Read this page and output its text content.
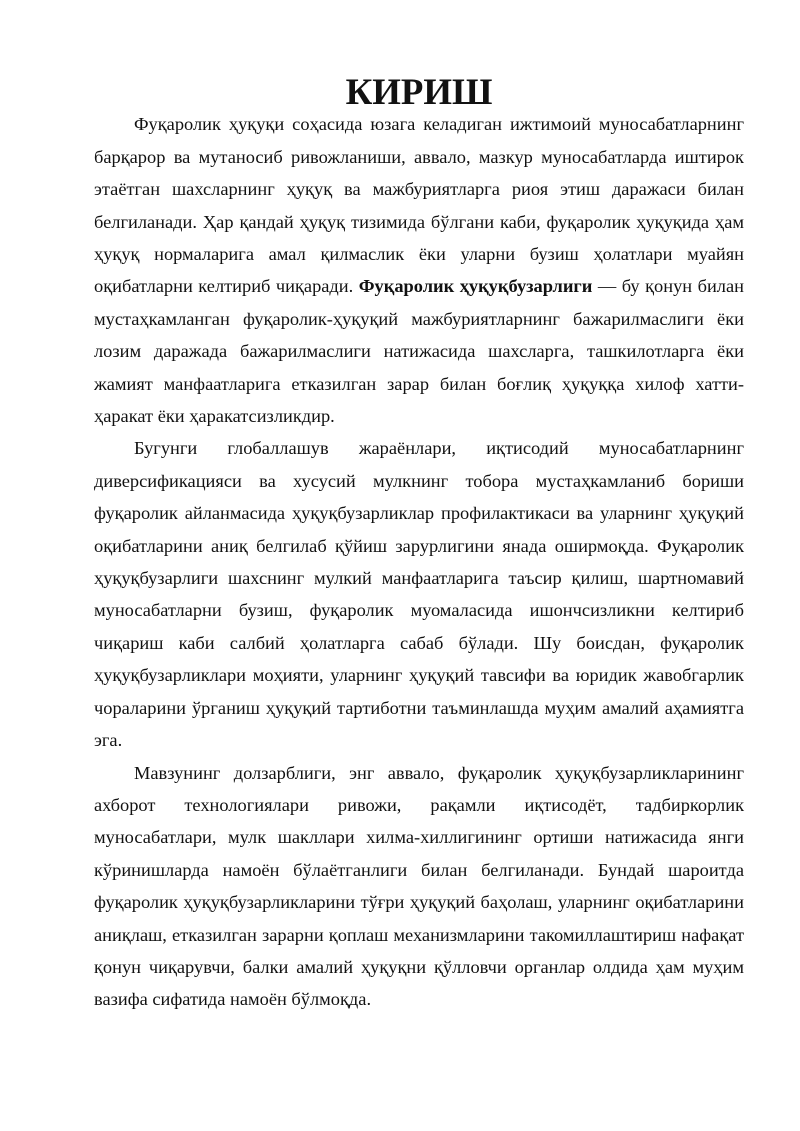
КИРИШ

Фуқаролик ҳуқуқи соҳасида юзага келадиган ижтимоий муносабатларнинг барқарор ва мутаносиб ривожланиши, аввало, мазкур муносабатларда иштирок этаётган шахсларнинг ҳуқуқ ва мажбуриятларга риоя этиш даражаси билан белгиланади. Ҳар қандай ҳуқуқ тизимида бўлгани каби, фуқаролик ҳуқуқида ҳам ҳуқуқ нормаларига амал қилмаслик ёки уларни бузиш ҳолатлари муайян оқибатларни келтириб чиқаради. Фуқаролик ҳуқуқбузарлиги — бу қонун билан мустаҳкамланган фуқаролик-ҳуқуқий мажбуриятларнинг бажарилмаслиги ёки лозим даражада бажарилмаслиги натижасида шахсларга, ташкилотларга ёки жамият манфаатларига етказилган зарар билан боғлиқ ҳуқуққа хилоф хатти-ҳаракат ёки ҳаракатсизликдир.

Бугунги глобаллашув жараёнлари, иқтисодий муносабатларнинг диверсификацияси ва хусусий мулкнинг тобора мустаҳкамланиб бориши фуқаролик айланмасида ҳуқуқбузарликлар профилактикаси ва уларнинг ҳуқуқий оқибатларини аниқ белгилаб қўйиш зарурлигини янада оширмоқда. Фуқаролик ҳуқуқбузарлиги шахснинг мулкий манфаатларига таъсир қилиш, шартномавий муносабатларни бузиш, фуқаролик муомаласида ишончсизликни келтириб чиқариш каби салбий ҳолатларга сабаб бўлади. Шу боисдан, фуқаролик ҳуқуқбузарликлари моҳияти, уларнинг ҳуқуқий тавсифи ва юридик жавобгарлик чораларини ўрганиш ҳуқуқий тартиботни таъминлашда муҳим амалий аҳамиятга эга.

Мавзунинг долзарблиги, энг аввало, фуқаролик ҳуқуқбузарликларининг ахборот технологиялари ривожи, рақамли иқтисодёт, тадбиркорлик муносабатлари, мулк шакллари хилма-хиллигининг ортиши натижасида янги кўринишларда намоён бўлаётганлиги билан белгиланади. Бундай шароитда фуқаролик ҳуқуқбузарликларини тўғри ҳуқуқий баҳолаш, уларнинг оқибатларини аниқлаш, етказилган зарарни қоплаш механизмларини такомиллаштириш нафақат қонун чиқарувчи, балки амалий ҳуқуқни қўлловчи органлар олдида ҳам муҳим вазифа сифатида намоён бўлмоқда.
